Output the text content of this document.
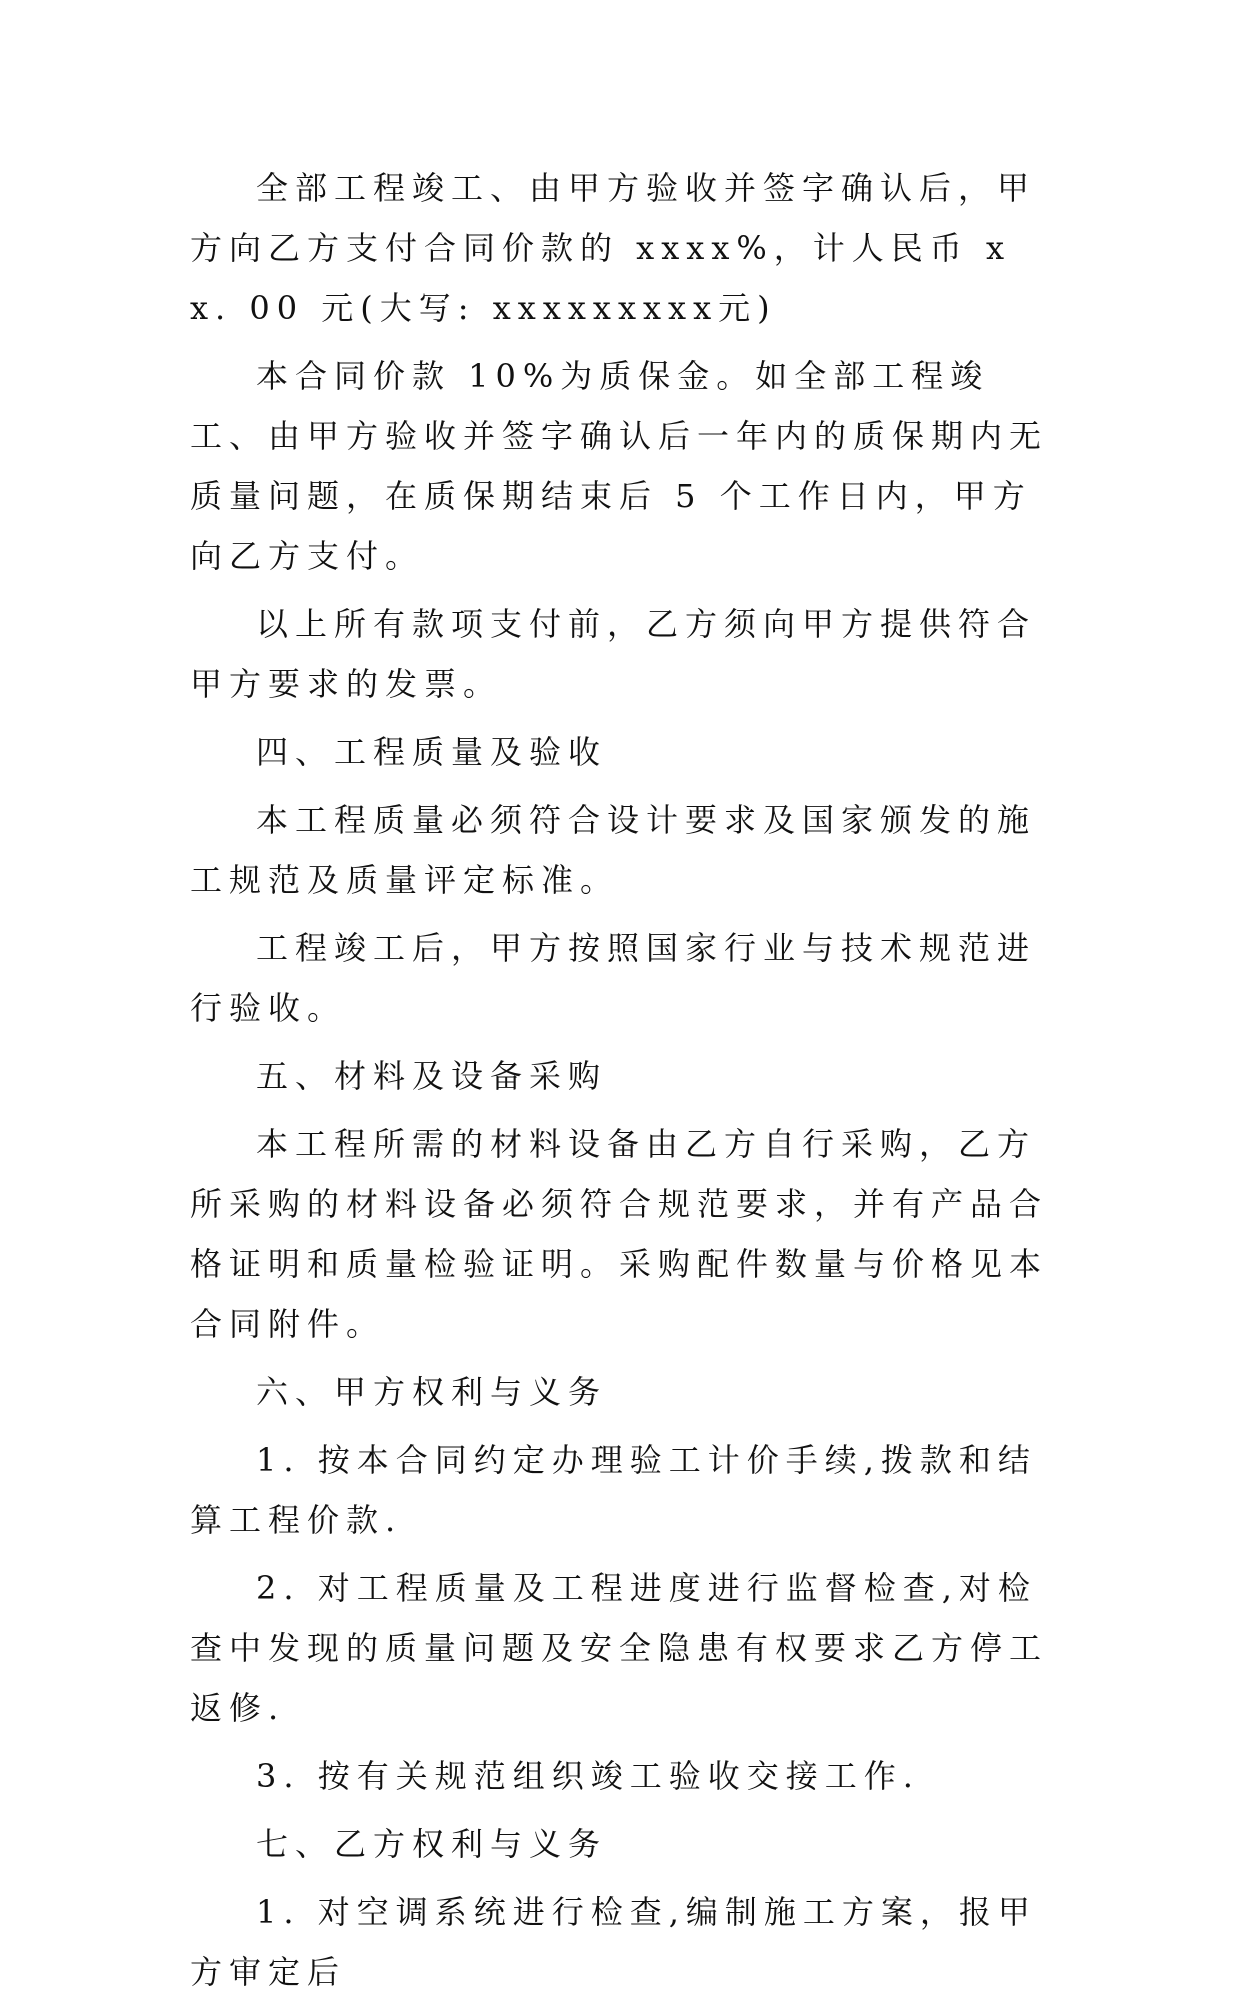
全部工程竣工、由甲方验收并签字确认后，甲方向乙方支付合同价款的 xxxx%，计人民币 xx. 00 元(大写: xxxxxxxxx元)

本合同价款 10%为质保金。如全部工程竣工、由甲方验收并签字确认后一年内的质保期内无质量问题，在质保期结束后 5 个工作日内，甲方向乙方支付。

以上所有款项支付前，乙方须向甲方提供符合甲方要求的发票。

四、工程质量及验收

本工程质量必须符合设计要求及国家颁发的施工规范及质量评定标准。

工程竣工后，甲方按照国家行业与技术规范进行验收。

五、材料及设备采购

本工程所需的材料设备由乙方自行采购，乙方所采购的材料设备必须符合规范要求，并有产品合格证明和质量检验证明。采购配件数量与价格见本合同附件。

六、甲方权利与义务

1. 按本合同约定办理验工计价手续,拨款和结算工程价款.

2. 对工程质量及工程进度进行监督检查,对检查中发现的质量问题及安全隐患有权要求乙方停工返修.

3. 按有关规范组织竣工验收交接工作.

七、乙方权利与义务

1. 对空调系统进行检查,编制施工方案，报甲方审定后
